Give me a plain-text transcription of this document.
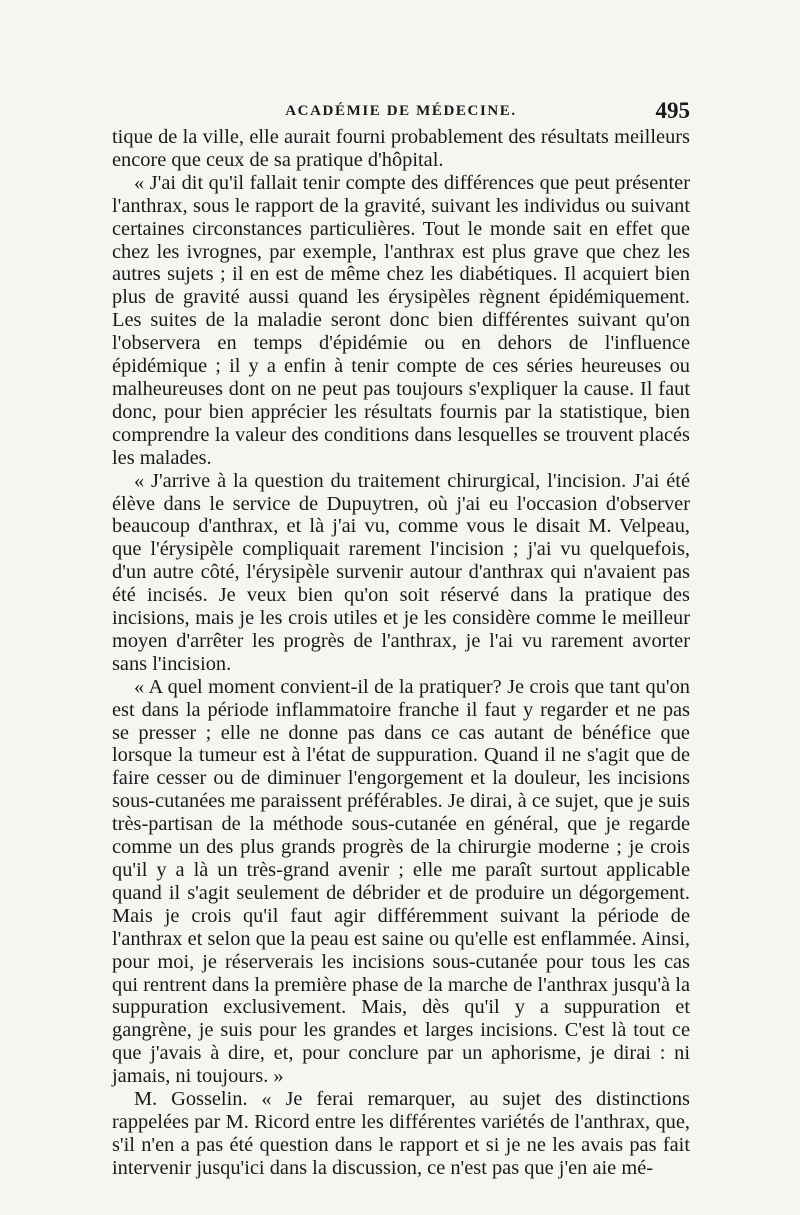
ACADÉMIE DE MÉDECINE.	495

tique de la ville, elle aurait fourni probablement des résultats meilleurs encore que ceux de sa pratique d'hôpital.

« J'ai dit qu'il fallait tenir compte des différences que peut présenter l'anthrax, sous le rapport de la gravité, suivant les individus ou suivant certaines circonstances particulières. Tout le monde sait en effet que chez les ivrognes, par exemple, l'anthrax est plus grave que chez les autres sujets ; il en est de même chez les diabétiques. Il acquiert bien plus de gravité aussi quand les érysipèles règnent épidémiquement. Les suites de la maladie seront donc bien différentes suivant qu'on l'observera en temps d'épidémie ou en dehors de l'influence épidémique ; il y a enfin à tenir compte de ces séries heureuses ou malheureuses dont on ne peut pas toujours s'expliquer la cause. Il faut donc, pour bien apprécier les résultats fournis par la statistique, bien comprendre la valeur des conditions dans lesquelles se trouvent placés les malades.

« J'arrive à la question du traitement chirurgical, l'incision. J'ai été élève dans le service de Dupuytren, où j'ai eu l'occasion d'observer beaucoup d'anthrax, et là j'ai vu, comme vous le disait M. Velpeau, que l'érysipèle compliquait rarement l'incision ; j'ai vu quelquefois, d'un autre côté, l'érysipèle survenir autour d'anthrax qui n'avaient pas été incisés. Je veux bien qu'on soit réservé dans la pratique des incisions, mais je les crois utiles et je les considère comme le meilleur moyen d'arrêter les progrès de l'anthrax, je l'ai vu rarement avorter sans l'incision.

« A quel moment convient-il de la pratiquer? Je crois que tant qu'on est dans la période inflammatoire franche il faut y regarder et ne pas se presser ; elle ne donne pas dans ce cas autant de bénéfice que lorsque la tumeur est à l'état de suppuration. Quand il ne s'agit que de faire cesser ou de diminuer l'engorgement et la douleur, les incisions sous-cutanées me paraissent préférables. Je dirai, à ce sujet, que je suis très-partisan de la méthode sous-cutanée en général, que je regarde comme un des plus grands progrès de la chirurgie moderne ; je crois qu'il y a là un très-grand avenir ; elle me paraît surtout applicable quand il s'agit seulement de débrider et de produire un dégorgement. Mais je crois qu'il faut agir différemment suivant la période de l'anthrax et selon que la peau est saine ou qu'elle est enflammée. Ainsi, pour moi, je réserverais les incisions sous-cutanée pour tous les cas qui rentrent dans la première phase de la marche de l'anthrax jusqu'à la suppuration exclusivement. Mais, dès qu'il y a suppuration et gangrène, je suis pour les grandes et larges incisions. C'est là tout ce que j'avais à dire, et, pour conclure par un aphorisme, je dirai : ni jamais, ni toujours. »

M. Gosselin. « Je ferai remarquer, au sujet des distinctions rappelées par M. Ricord entre les différentes variétés de l'anthrax, que, s'il n'en a pas été question dans le rapport et si je ne les avais pas fait intervenir jusqu'ici dans la discussion, ce n'est pas que j'en aie mé-
